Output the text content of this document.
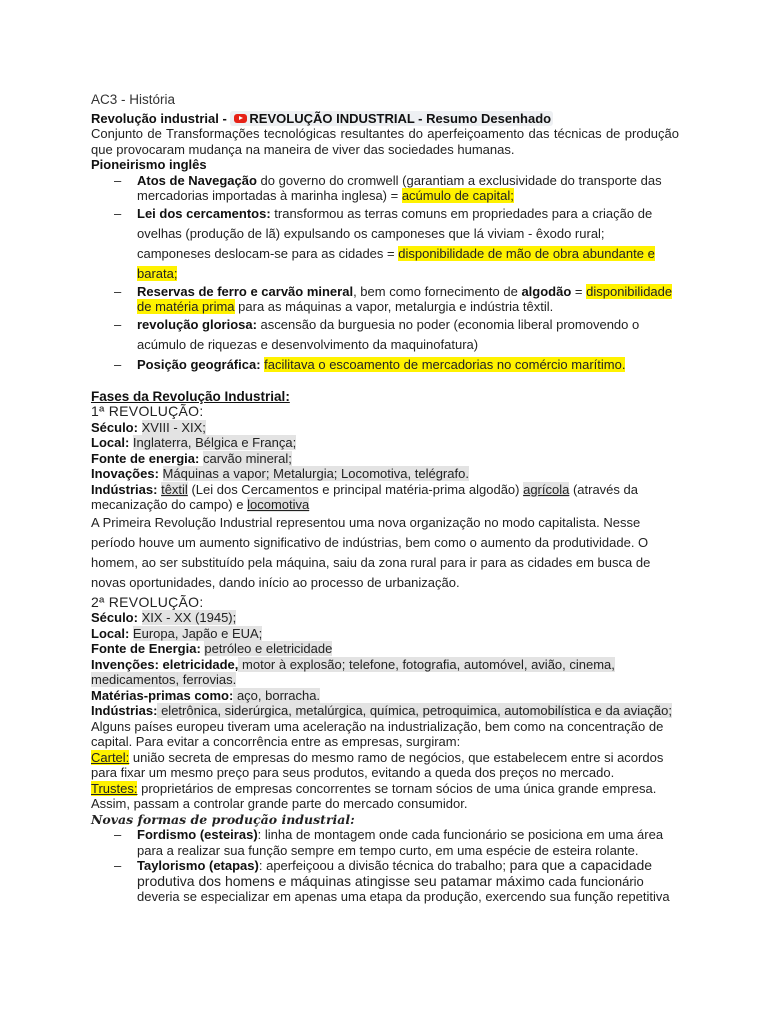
AC3 - História
Revolução industrial - REVOLUÇÃO INDUSTRIAL - Resumo Desenhado
Conjunto de Transformações tecnológicas resultantes do aperfeiçoamento das técnicas de produção que provocaram mudança na maneira de viver das sociedades humanas.
Pioneirismo inglês
– Atos de Navegação do governo do cromwell (garantiam a exclusividade do transporte das mercadorias importadas à marinha inglesa) = acúmulo de capital;
– Lei dos cercamentos: transformou as terras comuns em propriedades para a criação de ovelhas (produção de lã) expulsando os camponeses que lá viviam - êxodo rural; camponeses deslocam-se para as cidades = disponibilidade de mão de obra abundante e barata;
– Reservas de ferro e carvão mineral, bem como fornecimento de algodão = disponibilidade de matéria prima para as máquinas a vapor, metalurgia e indústria têxtil.
– revolução gloriosa: ascensão da burguesia no poder (economia liberal promovendo o acúmulo de riquezas e desenvolvimento da maquinofatura)
– Posição geográfica: facilitava o escoamento de mercadorias no comércio marítimo.
Fases da Revolução Industrial:
1ª REVOLUÇÃO:
Século: XVIII - XIX;
Local: Inglaterra, Bélgica e França;
Fonte de energia: carvão mineral;
Inovações: Máquinas a vapor; Metalurgia; Locomotiva, telégrafo.
Indústrias: têxtil (Lei dos Cercamentos e principal matéria-prima algodão) agrícola (através da mecanização do campo) e locomotiva
A Primeira Revolução Industrial representou uma nova organização no modo capitalista. Nesse período houve um aumento significativo de indústrias, bem como o aumento da produtividade. O homem, ao ser substituído pela máquina, saiu da zona rural para ir para as cidades em busca de novas oportunidades, dando início ao processo de urbanização.
2ª REVOLUÇÃO:
Século: XIX - XX (1945);
Local: Europa, Japão e EUA;
Fonte de Energia: petróleo e eletricidade
Invenções: eletricidade, motor à explosão; telefone, fotografia, automóvel, avião, cinema, medicamentos, ferrovias.
Matérias-primas como: aço, borracha.
Indústrias: eletrônica, siderúrgica, metalúrgica, química, petroquimica, automobilística e da aviação;
Alguns países europeu tiveram uma aceleração na industrialização, bem como na concentração de capital. Para evitar a concorrência entre as empresas, surgiram:
Cartel: união secreta de empresas do mesmo ramo de negócios, que estabelecem entre si acordos para fixar um mesmo preço para seus produtos, evitando a queda dos preços no mercado.
Trustes: proprietários de empresas concorrentes se tornam sócios de uma única grande empresa. Assim, passam a controlar grande parte do mercado consumidor.
Novas formas de produção industrial:
– Fordismo (esteiras): linha de montagem onde cada funcionário se posiciona em uma área para a realizar sua função sempre em tempo curto, em uma espécie de esteira rolante.
– Taylorismo (etapas): aperfeiçoou a divisão técnica do trabalho; para que a capacidade produtiva dos homens e máquinas atingisse seu patamar máximo cada funcionário deveria se especializar em apenas uma etapa da produção, exercendo sua função repetitiva
